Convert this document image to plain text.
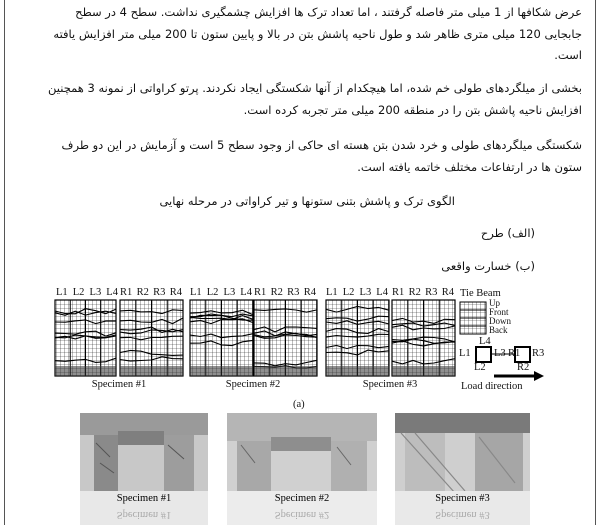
عرض شکافها از 1 میلی متر فاصله گرفتند ، اما تعداد ترک ها افزایش چشمگیری نداشت. سطح 4 در سطح جابجایی 120 میلی متری ظاهر شد و طول ناحیه پاشش بتن در بالا و پایین ستون تا 200 میلی متر افزایش یافته است.

بخشی از میلگردهای طولی خم شده، اما هیچکدام از آنها شکستگی ایجاد نکردند. پرتو کراواتی از نمونه 3 همچنین افزایش ناحیه پاشش بتن را در منطقه 200 میلی متر تجربه کرده است.

شکستگی میلگردهای طولی و خرد شدن بتن هسته ای حاکی از وجود سطح 5 است و آزمایش در این دو طرف ستون ها در ارتفاعات مختلف خاتمه یافته است.

الگوی ترک و پاشش بتنی ستونها و تیر کراواتی در مرحله نهایی
(الف) طرح
(ب) خسارت واقعی
L1 L2 L3 L4 R1 R2 R3 R4 L1 L2 L3 L4 R1 R2 R3 R4 L1 L2 L3 L4 R1 R2 R3 R4
Specimen #1	Specimen #2	Specimen #3
(a)
Tie Beam
Up
Front
Down
Back
L4
L1 L3 R1 R3
L2	R2
Load direction
Specimen #1
Specimen #1
Specimen #2
Specimen #2
Specimen #3
Specimen #3
